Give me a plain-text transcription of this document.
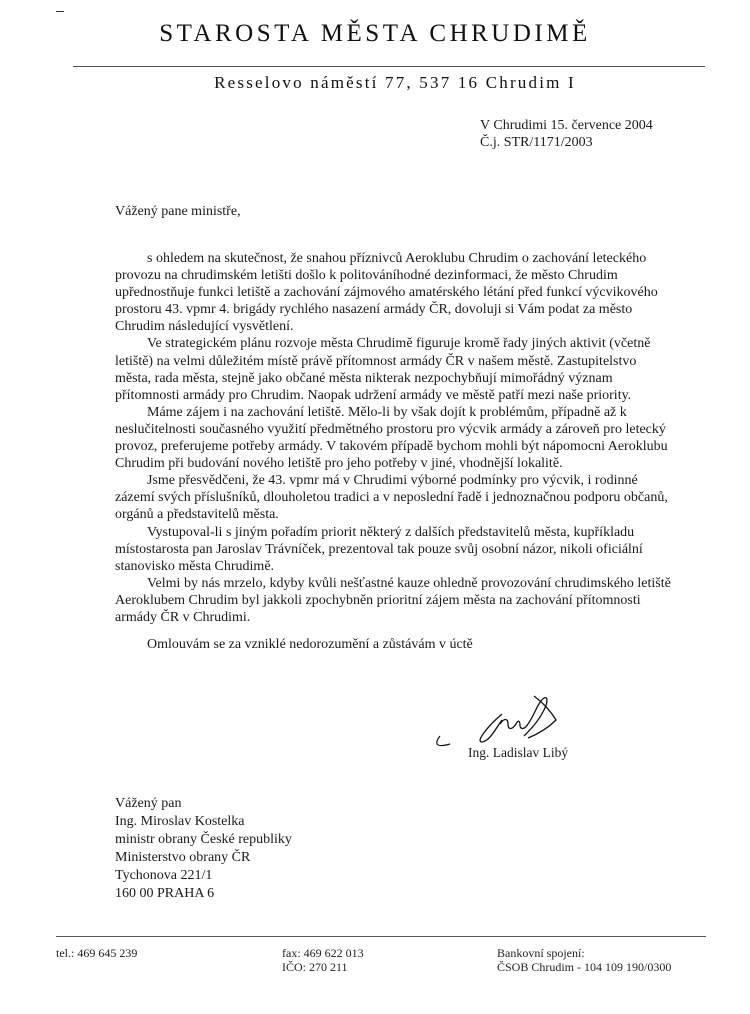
STAROSTA MĚSTA CHRUDIMĚ
Resselovo náměstí 77, 537 16 Chrudim I
V Chrudimi 15. července 2004
Č.j. STR/1171/2003
Vážený pane ministře,

s ohledem na skutečnost, že snahou příznivců Aeroklubu Chrudim o zachování leteckého provozu na chrudimském letišti došlo k politováníhodné dezinformaci, že město Chrudim upřednostňuje funkci letiště a zachování zájmového amatérského létání před funkcí výcvikového prostoru 43. vpmr 4. brigády rychlého nasazení armády ČR, dovoluji si Vám podat za město Chrudim následující vysvětlení.

Ve strategickém plánu rozvoje města Chrudimě figuruje kromě řady jiných aktivit (včetně letiště) na velmi důležitém místě právě přítomnost armády ČR v našem městě. Zastupitelstvo města, rada města, stejně jako občané města nikterak nezpochybňují mimořádný význam přítomnosti armády pro Chrudim. Naopak udržení armády ve městě patří mezi naše priority.

Máme zájem i na zachování letiště. Mělo-li by však dojít k problémům, případně až k neslučitelnosti současného využití předmětného prostoru pro výcvik armády a zároveň pro letecký provoz, preferujeme potřeby armády. V takovém případě bychom mohli být nápomocni Aeroklubu Chrudim při budování nového letiště pro jeho potřeby v jiné, vhodnější lokalitě.

Jsme přesvědčeni, že 43. vpmr má v Chrudimi výborné podmínky pro výcvik, i rodinné zázemí svých příslušníků, dlouholetou tradici a v neposlední řadě i jednoznačnou podporu občanů, orgánů a představitelů města.

Vystupoval-li s jiným pořadím priorit některý z dalších představitelů města, kupříkladu místostarosta pan Jaroslav Trávníček, prezentoval tak pouze svůj osobní názor, nikoli oficiální stanovisko města Chrudimě.

Velmi by nás mrzelo, kdyby kvůli nešťastné kauze ohledně provozování chrudimského letiště Aeroklubem Chrudim byl jakkoli zpochybněn prioritní zájem města na zachování přítomnosti armády ČR v Chrudimi.

Omlouvám se za vzniklé nedorozumění a zůstávám v úctě

Ing. Ladislav Libý
Vážený pan
Ing. Miroslav Kostelka
ministr obrany České republiky
Ministerstvo obrany ČR
Tychonova 221/1
160 00 PRAHA 6
tel.: 469 645 239	fax: 469 622 013
IČO: 270 211
Bankovní spojení:
ČSOB Chrudim - 104 109 190/0300
